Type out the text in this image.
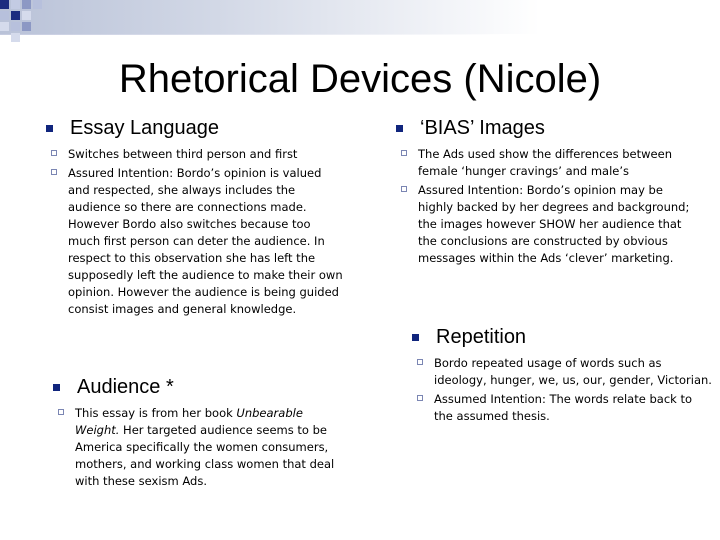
Rhetorical Devices (Nicole)
Essay Language
Switches between third person and first
Assured Intention: Bordo’s opinion is valued and respected, she always includes the audience so there are connections made. However Bordo also switches because too much first person can deter the audience. In respect to this observation she has left the supposedly left the audience to make their own opinion. However the audience is being guided consist images and general knowledge.
Audience *
This essay is from her book Unbearable Weight. Her targeted audience seems to be America specifically the women consumers, mothers, and working class women that deal with these sexism Ads.
‘BIAS’ Images
The Ads used show the differences between female ‘hunger cravings’ and male’s
Assured Intention: Bordo’s opinion may be highly backed by her degrees and background; the images however SHOW her audience that the conclusions are constructed by obvious messages within the Ads ‘clever’ marketing.
Repetition
Bordo repeated usage of words such as ideology, hunger, we, us, our, gender, Victorian.
Assumed Intention: The words relate back to the assumed thesis.
